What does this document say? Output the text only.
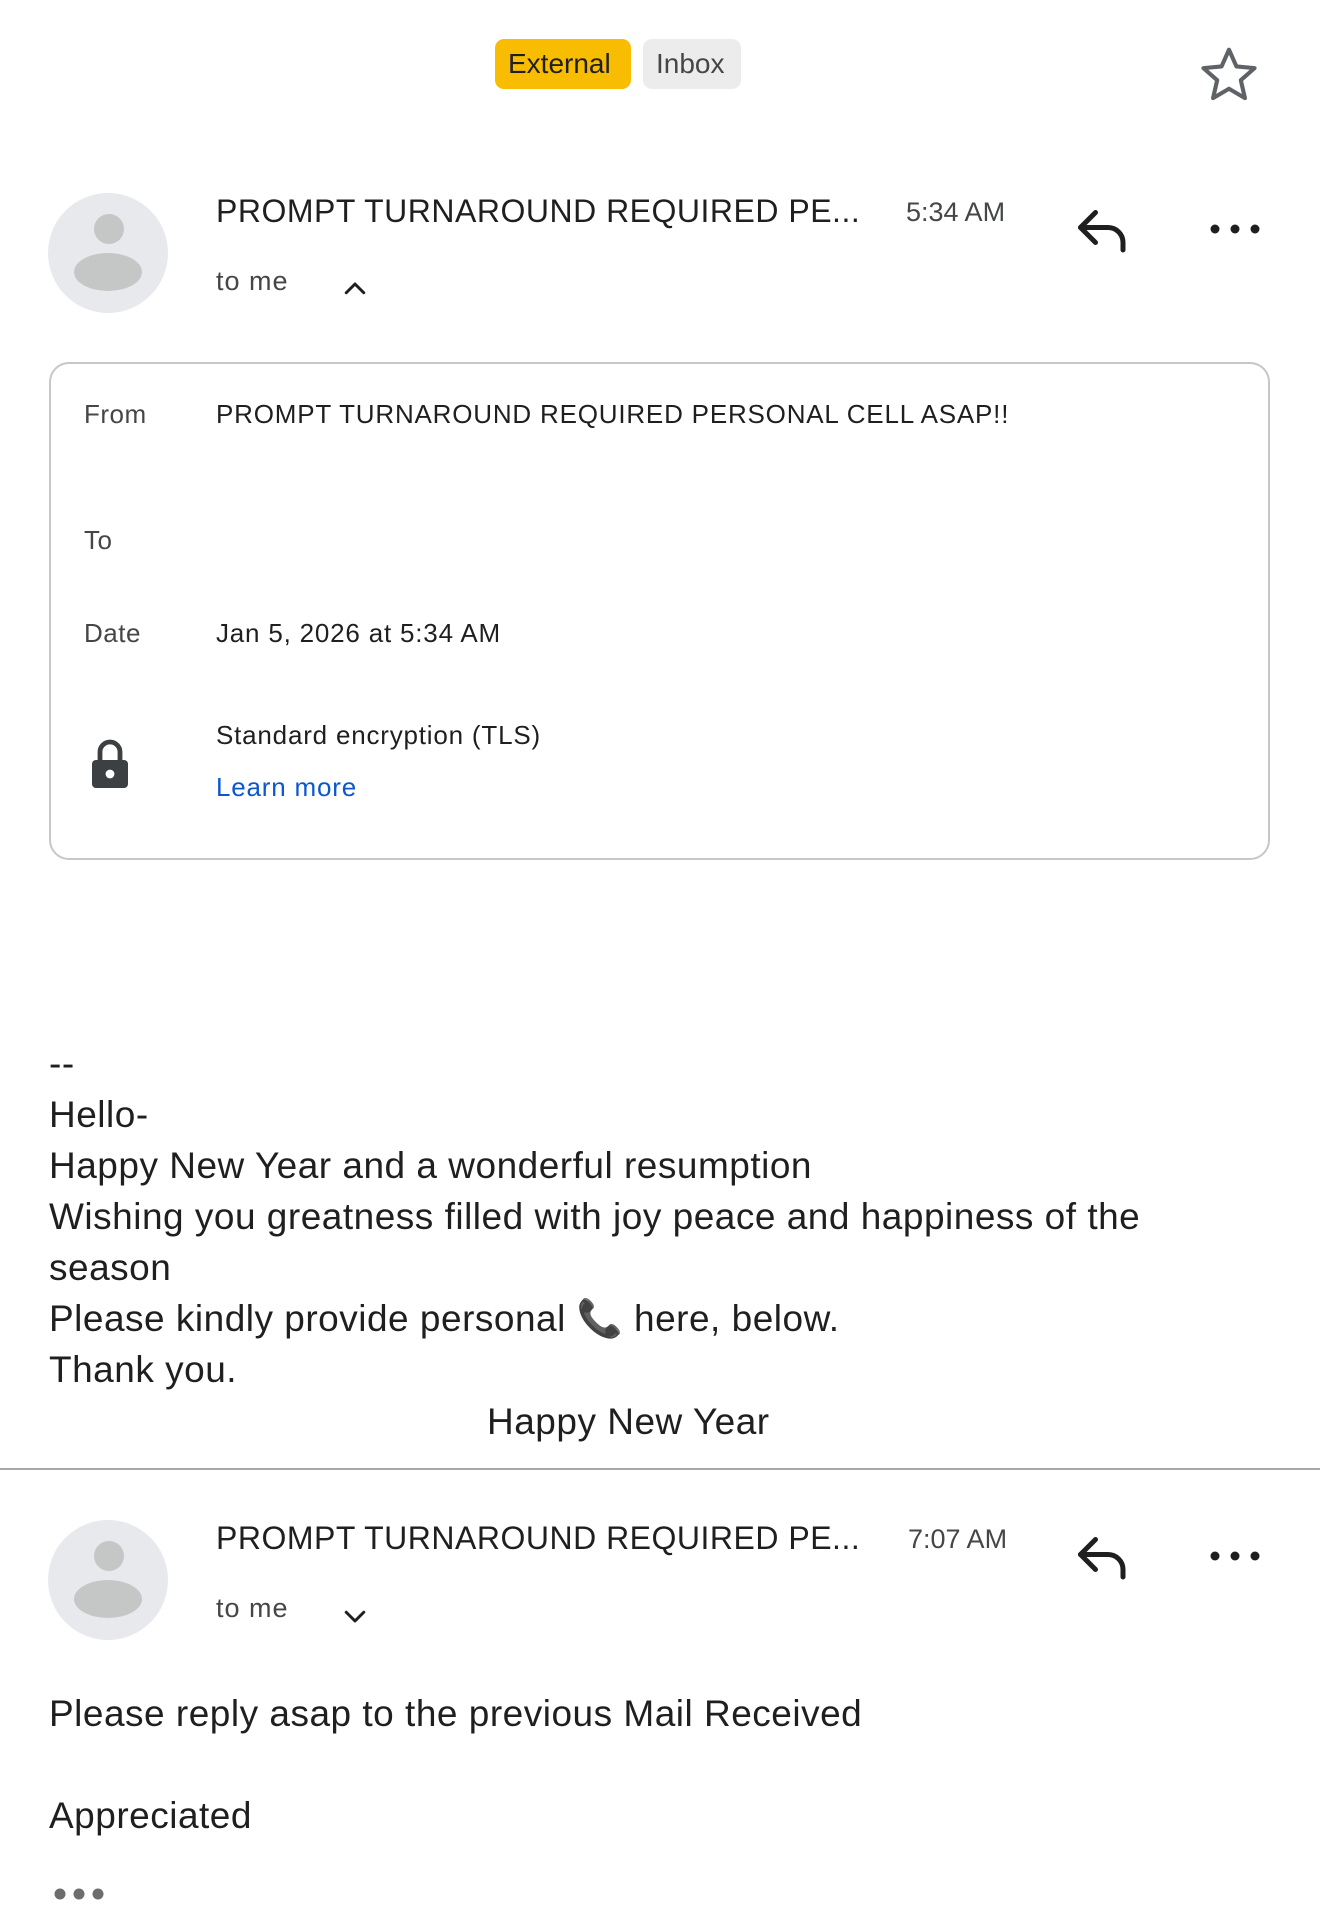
External	Inbox
PROMPT TURNAROUND REQUIRED PE... 5:34 AM
to me
From	PROMPT TURNAROUND REQUIRED PERSONAL CELL ASAP!!
To
Date	Jan 5, 2026 at 5:34 AM
Standard encryption (TLS)
Learn more
--
Hello-
Happy New Year and a wonderful resumption
Wishing you greatness filled with joy peace and happiness of the
season
Please kindly provide personal 📞 here, below.
Thank you.
Happy New Year
PROMPT TURNAROUND REQUIRED PE... 7:07 AM
to me
Please reply asap to the previous Mail Received
Appreciated
